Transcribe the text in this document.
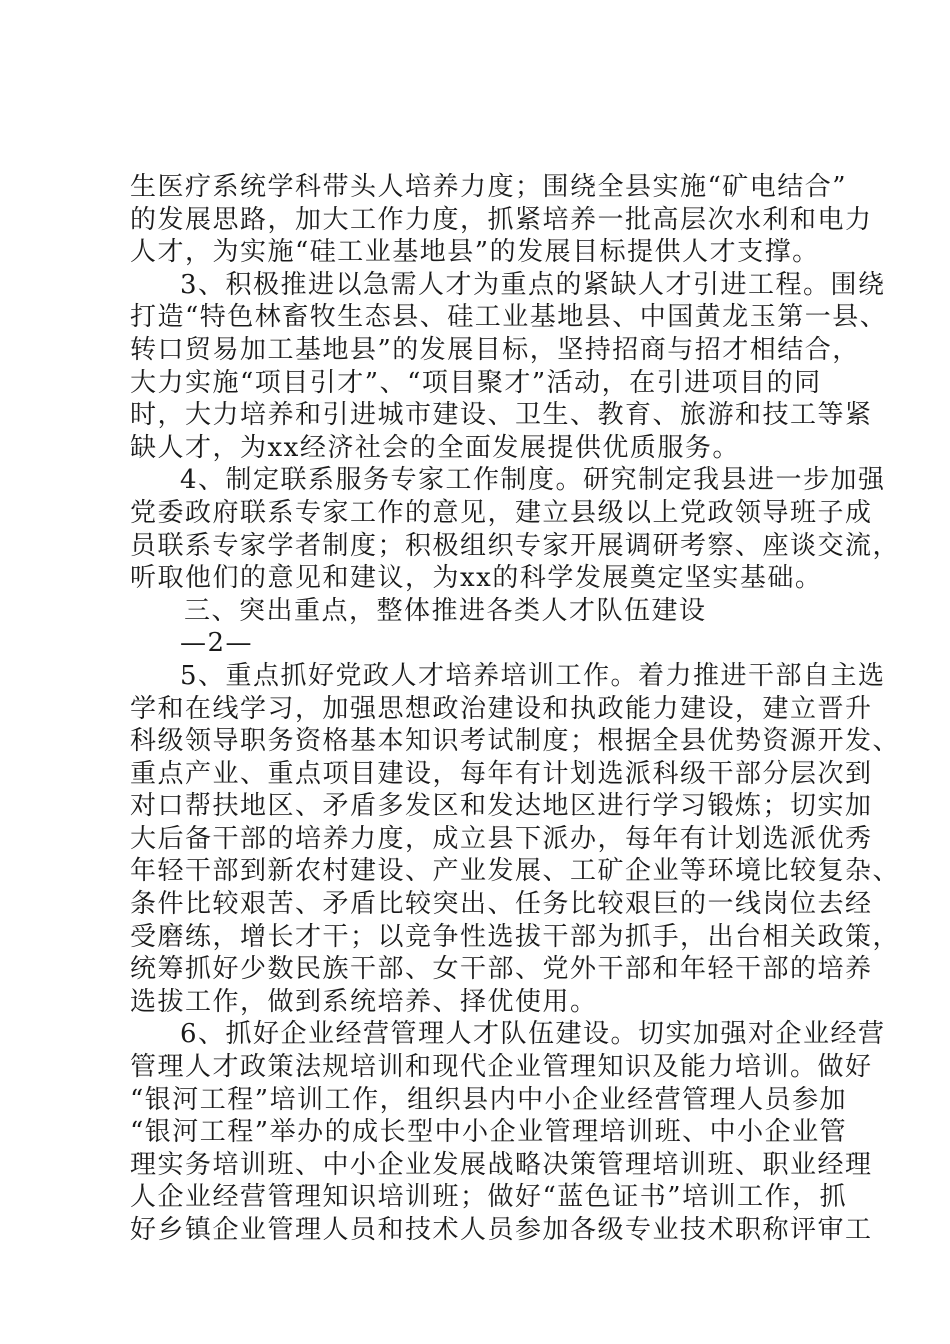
生医疗系统学科带头人培养力度；围绕全县实施“矿电结合”
的发展思路，加大工作力度，抓紧培养一批高层次水利和电力
人才，为实施“硅工业基地县”的发展目标提供人才支撑。
3、积极推进以急需人才为重点的紧缺人才引进工程。围绕
打造“特色林畜牧生态县、硅工业基地县、中国黄龙玉第一县、
转口贸易加工基地县”的发展目标，坚持招商与招才相结合，
大力实施“项目引才”、“项目聚才”活动，在引进项目的同
时，大力培养和引进城市建设、卫生、教育、旅游和技工等紧
缺人才，为xx经济社会的全面发展提供优质服务。
4、制定联系服务专家工作制度。研究制定我县进一步加强
党委政府联系专家工作的意见，建立县级以上党政领导班子成
员联系专家学者制度；积极组织专家开展调研考察、座谈交流，
听取他们的意见和建议，为xx的科学发展奠定坚实基础。
三、突出重点，整体推进各类人才队伍建设
—2—
5、重点抓好党政人才培养培训工作。着力推进干部自主选
学和在线学习，加强思想政治建设和执政能力建设，建立晋升
科级领导职务资格基本知识考试制度；根据全县优势资源开发、
重点产业、重点项目建设，每年有计划选派科级干部分层次到
对口帮扶地区、矛盾多发区和发达地区进行学习锻炼；切实加
大后备干部的培养力度，成立县下派办，每年有计划选派优秀
年轻干部到新农村建设、产业发展、工矿企业等环境比较复杂、
条件比较艰苦、矛盾比较突出、任务比较艰巨的一线岗位去经
受磨练，增长才干；以竞争性选拔干部为抓手，出台相关政策，
统筹抓好少数民族干部、女干部、党外干部和年轻干部的培养
选拔工作，做到系统培养、择优使用。
6、抓好企业经营管理人才队伍建设。切实加强对企业经营
管理人才政策法规培训和现代企业管理知识及能力培训。做好
“银河工程”培训工作，组织县内中小企业经营管理人员参加
“银河工程”举办的成长型中小企业管理培训班、中小企业管
理实务培训班、中小企业发展战略决策管理培训班、职业经理
人企业经营管理知识培训班；做好“蓝色证书”培训工作，抓
好乡镇企业管理人员和技术人员参加各级专业技术职称评审工
